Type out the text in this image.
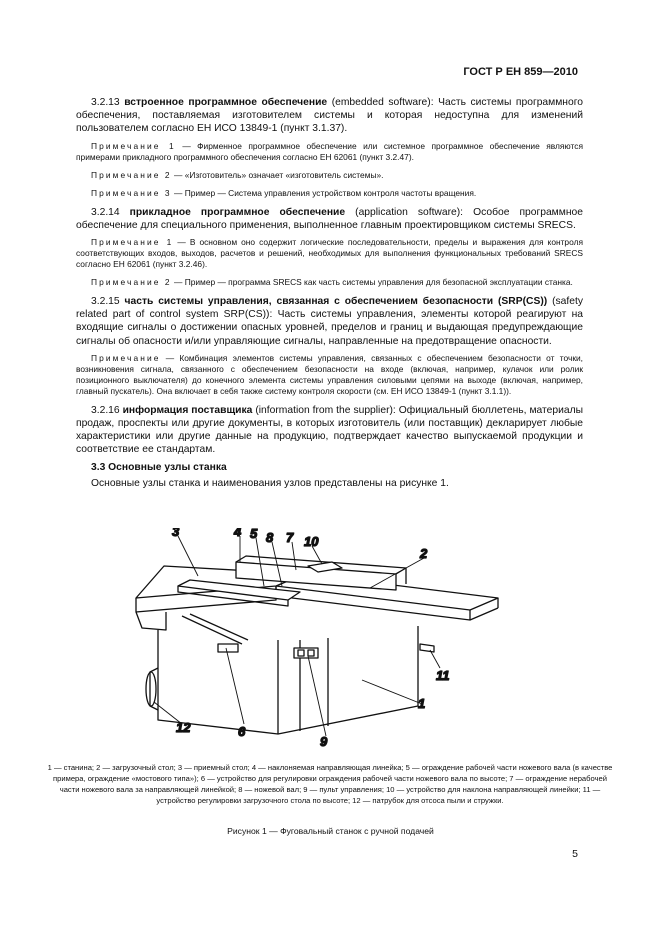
ГОСТ Р ЕН 859—2010

3.2.13 встроенное программное обеспечение (embedded software): Часть системы программного обеспечения, поставляемая изготовителем системы и которая недоступна для изменений пользователем согласно ЕН ИСО 13849-1 (пункт 3.1.37).

Примечание 1 — Фирменное программное обеспечение или системное программное обеспечение являются примерами прикладного программного обеспечения согласно ЕН 62061 (пункт 3.2.47).

Примечание 2 — «Изготовитель» означает «изготовитель системы».

Примечание 3 — Пример — Система управления устройством контроля частоты вращения.

3.2.14 прикладное программное обеспечение (application software): Особое программное обеспечение для специального применения, выполненное главным проектировщиком системы SRECS.

Примечание 1 — В основном оно содержит логические последовательности, пределы и выражения для контроля соответствующих входов, выходов, расчетов и решений, необходимых для выполнения функциональных требований SRECS согласно ЕН 62061 (пункт 3.2.46).

Примечание 2 — Пример — программа SRECS как часть системы управления для безопасной эксплуатации станка.

3.2.15 часть системы управления, связанная с обеспечением безопасности (SRP(CS)) (safety related part of control system SRP(CS)): Часть системы управления, элементы которой реагируют на входящие сигналы о достижении опасных уровней, пределов и границ и выдающая предупреждающие сигналы об опасности и/или управляющие сигналы, направленные на предотвращение опасности.

Примечание — Комбинация элементов системы управления, связанных с обеспечением безопасности от точки, возникновения сигнала, связанного с обеспечением безопасности на входе (включая, например, кулачок или ролик позиционного выключателя) до конечного элемента системы управления силовыми цепями на выходе (включая, например, главный пускатель). Она включает в себя также систему контроля скорости (см. ЕН ИСО 13849-1 (пункт 3.1.1)).

3.2.16 информация поставщика (information from the supplier): Официальный бюллетень, материалы продаж, проспекты или другие документы, в которых изготовитель (или поставщик) декларирует любые характеристики или другие данные на продукцию, подтверждает качество выпускаемой продукции и соответствие ее стандартам.

3.3 Основные узлы станка

Основные узлы станка и наименования узлов представлены на рисунке 1.

3	4 5 8 7 10
2
11
1
12	6
9
1 — станина; 2 — загрузочный стол; 3 — приемный стол; 4 — наклоняемая направляющая линейка; 5 — ограждение рабочей части ножевого вала (в качестве примера, ограждение «мостового типа»); 6 — устройство для регулировки ограждения рабочей части ножевого вала по высоте; 7 — ограждение нерабочей части ножевого вала за направляющей линейкой; 8 — ножевой вал; 9 — пульт управления; 10 — устройство для наклона направляющей линейки; 11 — устройство регулировки загрузочного стола по высоте; 12 — патрубок для отсоса пыли и стружки.
Рисунок 1 — Фуговальный станок с ручной подачей
5
